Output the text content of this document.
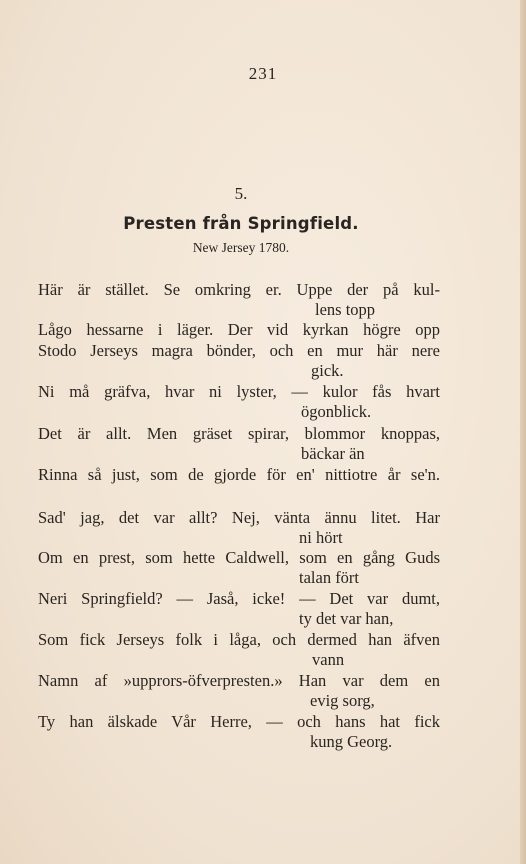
231
5.
Presten från Springfield.
New Jersey 1780.
Här är stället. Se omkring er. Uppe der på kul-
lens topp
Lågo hessarne i läger. Der vid kyrkan högre opp
Stodo Jerseys magra bönder, och en mur här nere
gick.
Ni må gräfva, hvar ni lyster, — kulor fås hvart
ögonblick.
Det är allt. Men gräset spirar, blommor knoppas,
bäckar än
Rinna så just, som de gjorde för en' nittiotre år se'n.
Sad' jag, det var allt? Nej, vänta ännu litet. Har
ni hört
Om en prest, som hette Caldwell, som en gång Guds
talan fört
Neri Springfield? — Jaså, icke! — Det var dumt,
ty det var han,
Som fick Jerseys folk i låga, och dermed han äfven
vann
Namn af »upprors-öfverpresten.» Han var dem en
evig sorg,
Ty han älskade Vår Herre, — och hans hat fick
kung Georg.
